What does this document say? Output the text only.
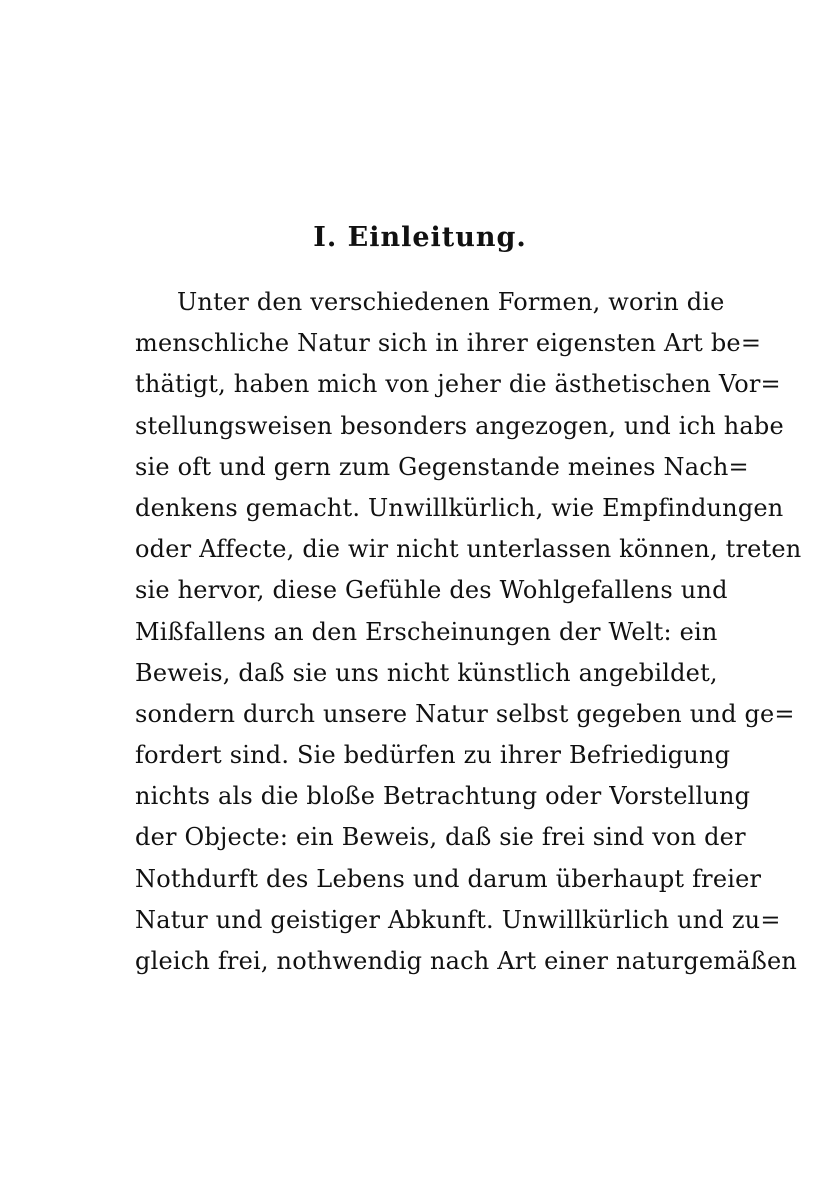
I. Einleitung.
Unter den verschiedenen Formen, worin die
menschliche Natur sich in ihrer eigensten Art be=
thätigt, haben mich von jeher die ästhetischen Vor=
stellungsweisen besonders angezogen, und ich habe
sie oft und gern zum Gegenstande meines Nach=
denkens gemacht. Unwillkürlich, wie Empfindungen
oder Affecte, die wir nicht unterlassen können, treten
sie hervor, diese Gefühle des Wohlgefallens und
Mißfallens an den Erscheinungen der Welt: ein
Beweis, daß sie uns nicht künstlich angebildet,
sondern durch unsere Natur selbst gegeben und ge=
fordert sind. Sie bedürfen zu ihrer Befriedigung
nichts als die bloße Betrachtung oder Vorstellung
der Objecte: ein Beweis, daß sie frei sind von der
Nothdurft des Lebens und darum überhaupt freier
Natur und geistiger Abkunft. Unwillkürlich und zu=
gleich frei, nothwendig nach Art einer naturgemäßen
